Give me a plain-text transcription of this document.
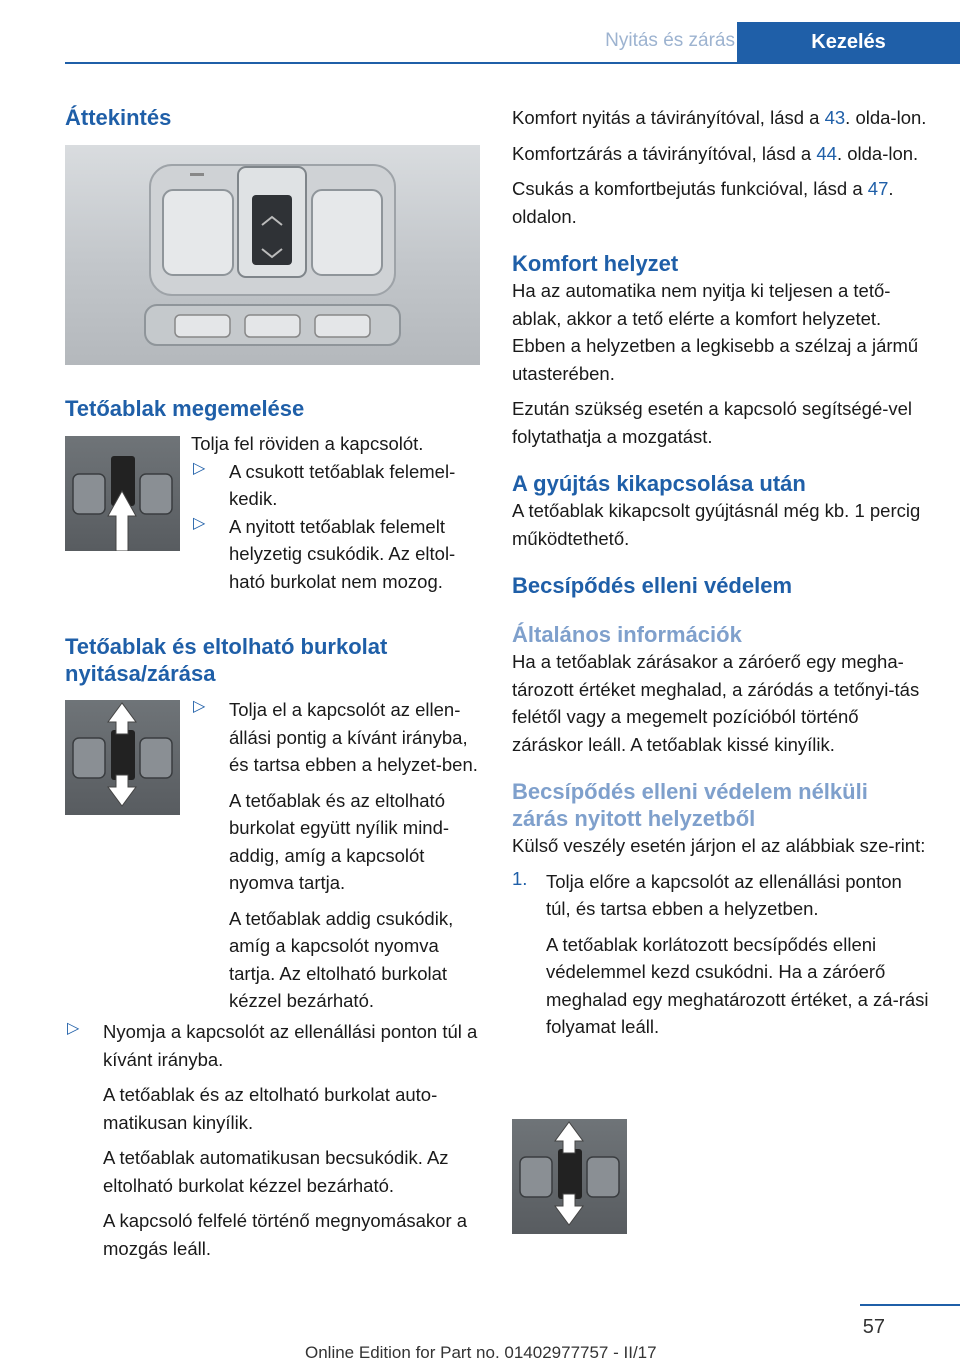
Nyitás és zárás	Kezelés
Áttekintés
Tetőablak megemelése

Tolja fel röviden a kapcsolót.

▷ A csukott tetőablak felemel-kedik.

▷ A nyitott tetőablak felemelt helyzetig csukódik. Az eltol-ható burkolat nem mozog.

Tetőablak és eltolható burkolat nyitása/zárása
▷ Tolja el a kapcsolót az ellen-állási pontig a kívánt irányba, és tartsa ebben a helyzet-ben.

A tetőablak és az eltolható burkolat együtt nyílik mind-addig, amíg a kapcsolót nyomva tartja.

A tetőablak addig csukódik, amíg a kapcsolót nyomva tartja. Az eltolható burkolat kézzel bezárható.

▷ Nyomja a kapcsolót az ellenállási ponton túl a kívánt irányba.

A tetőablak és az eltolható burkolat auto-matikusan kinyílik.

A tetőablak automatikusan becsukódik. Az eltolható burkolat kézzel bezárható.

A kapcsoló felfelé történő megnyomásakor a mozgás leáll.

Komfort nyitás a távirányítóval, lásd a 43. olda-lon.

Komfortzárás a távirányítóval, lásd a 44. olda-lon.

Csukás a komfortbejutás funkcióval, lásd a 47. oldalon.

Komfort helyzet

Ha az automatika nem nyitja ki teljesen a tető-ablak, akkor a tető elérte a komfort helyzetet. Ebben a helyzetben a legkisebb a szélzaj a jármű utasterében.

Ezután szükség esetén a kapcsoló segítségé-vel folytathatja a mozgatást.

A gyújtás kikapcsolása után

A tetőablak kikapcsolt gyújtásnál még kb. 1 percig működtethető.

Becsípődés elleni védelem
Általános információk

Ha a tetőablak zárásakor a záróerő egy megha-tározott értéket meghalad, a záródás a tetőnyi-tás felétől vagy a megemelt pozícióból történő záráskor leáll. A tetőablak kissé kinyílik.

Becsípődés elleni védelem nélküli zárás nyitott helyzetből

Külső veszély esetén járjon el az alábbiak sze-rint:

1. Tolja előre a kapcsolót az ellenállási ponton túl, és tartsa ebben a helyzetben.

A tetőablak korlátozott becsípődés elleni védelemmel kezd csukódni. Ha a záróerő meghalad egy meghatározott értéket, a zá-rási folyamat leáll.

57
Online Edition for Part no. 01402977757 - II/17
